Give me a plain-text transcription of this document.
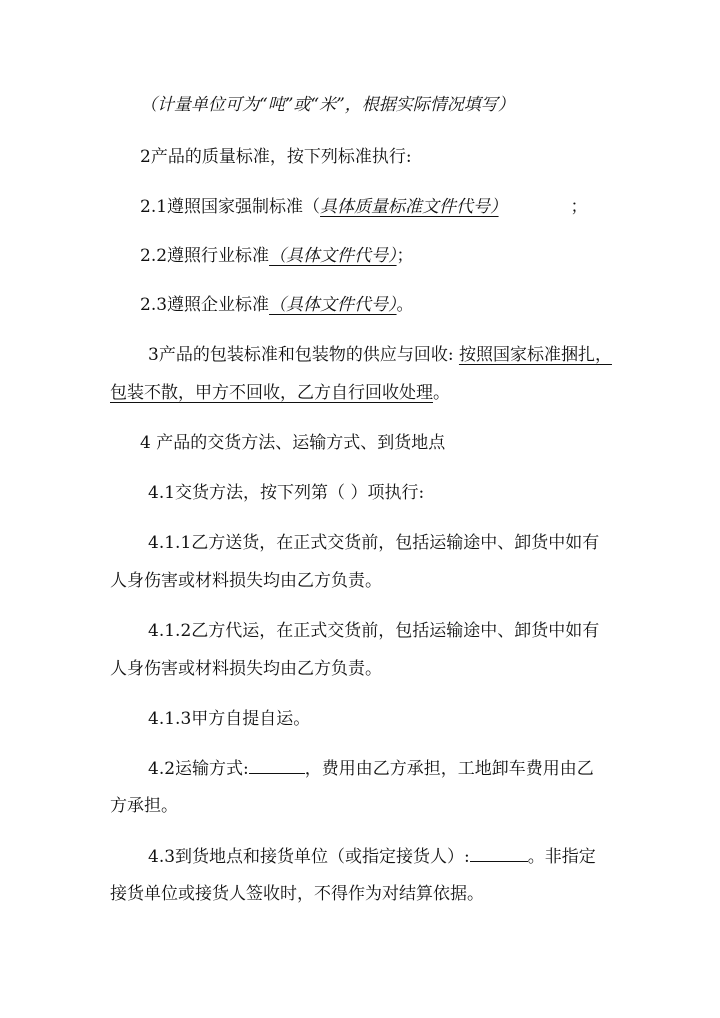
（计量单位可为“吨”或“米”，根据实际情况填写）
2产品的质量标准，按下列标准执行:
2.1遵照国家强制标准（具体质量标准文件代号）	；
2.2遵照行业标准（具体文件代号）；
2.3遵照企业标准（具体文件代号）。
3产品的包装标准和包装物的供应与回收: 按照国家标准捆扎，
包装不散，甲方不回收，乙方自行回收处理。
4 产品的交货方法、运输方式、到货地点
4.1交货方法，按下列第（ ）项执行:
4.1.1乙方送货，在正式交货前，包括运输途中、卸货中如有
人身伤害或材料损失均由乙方负责。
4.1.2乙方代运，在正式交货前，包括运输途中、卸货中如有
人身伤害或材料损失均由乙方负责。
4.1.3甲方自提自运。
4.2运输方式:	，费用由乙方承担，工地卸车费用由乙
方承担。
4.3到货地点和接货单位（或指定接货人）:	。非指定
接货单位或接货人签收时，不得作为对结算依据。
